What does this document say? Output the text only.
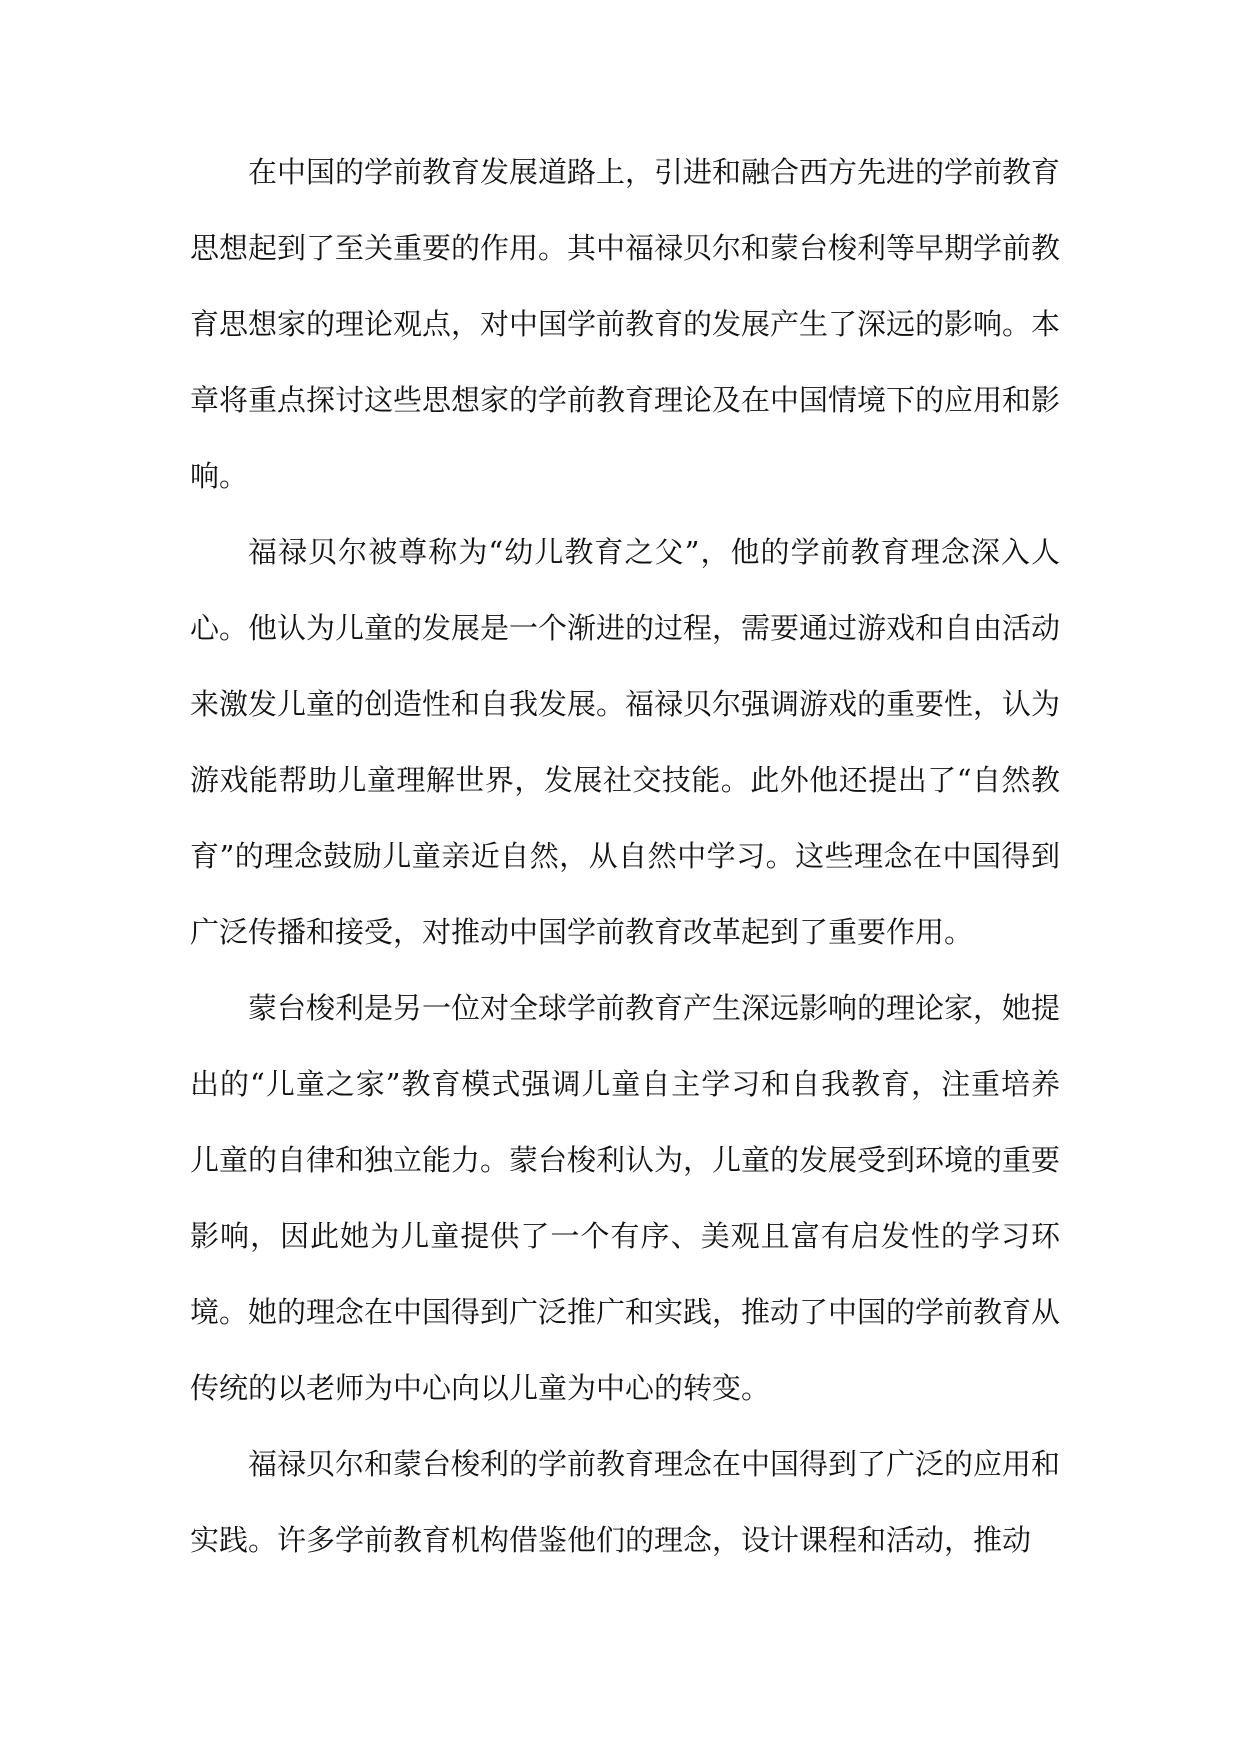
在中国的学前教育发展道路上，引进和融合西方先进的学前教育思想起到了至关重要的作用。其中福禄贝尔和蒙台梭利等早期学前教育思想家的理论观点，对中国学前教育的发展产生了深远的影响。本章将重点探讨这些思想家的学前教育理论及在中国情境下的应用和影响。

福禄贝尔被尊称为“幼儿教育之父”，他的学前教育理念深入人心。他认为儿童的发展是一个渐进的过程，需要通过游戏和自由活动来激发儿童的创造性和自我发展。福禄贝尔强调游戏的重要性，认为游戏能帮助儿童理解世界，发展社交技能。此外他还提出了“自然教育”的理念鼓励儿童亲近自然，从自然中学习。这些理念在中国得到广泛传播和接受，对推动中国学前教育改革起到了重要作用。

蒙台梭利是另一位对全球学前教育产生深远影响的理论家，她提出的“儿童之家”教育模式强调儿童自主学习和自我教育，注重培养儿童的自律和独立能力。蒙台梭利认为，儿童的发展受到环境的重要影响，因此她为儿童提供了一个有序、美观且富有启发性的学习环境。她的理念在中国得到广泛推广和实践，推动了中国的学前教育从传统的以老师为中心向以儿童为中心的转变。

福禄贝尔和蒙台梭利的学前教育理念在中国得到了广泛的应用和实践。许多学前教育机构借鉴他们的理念，设计课程和活动，推动
